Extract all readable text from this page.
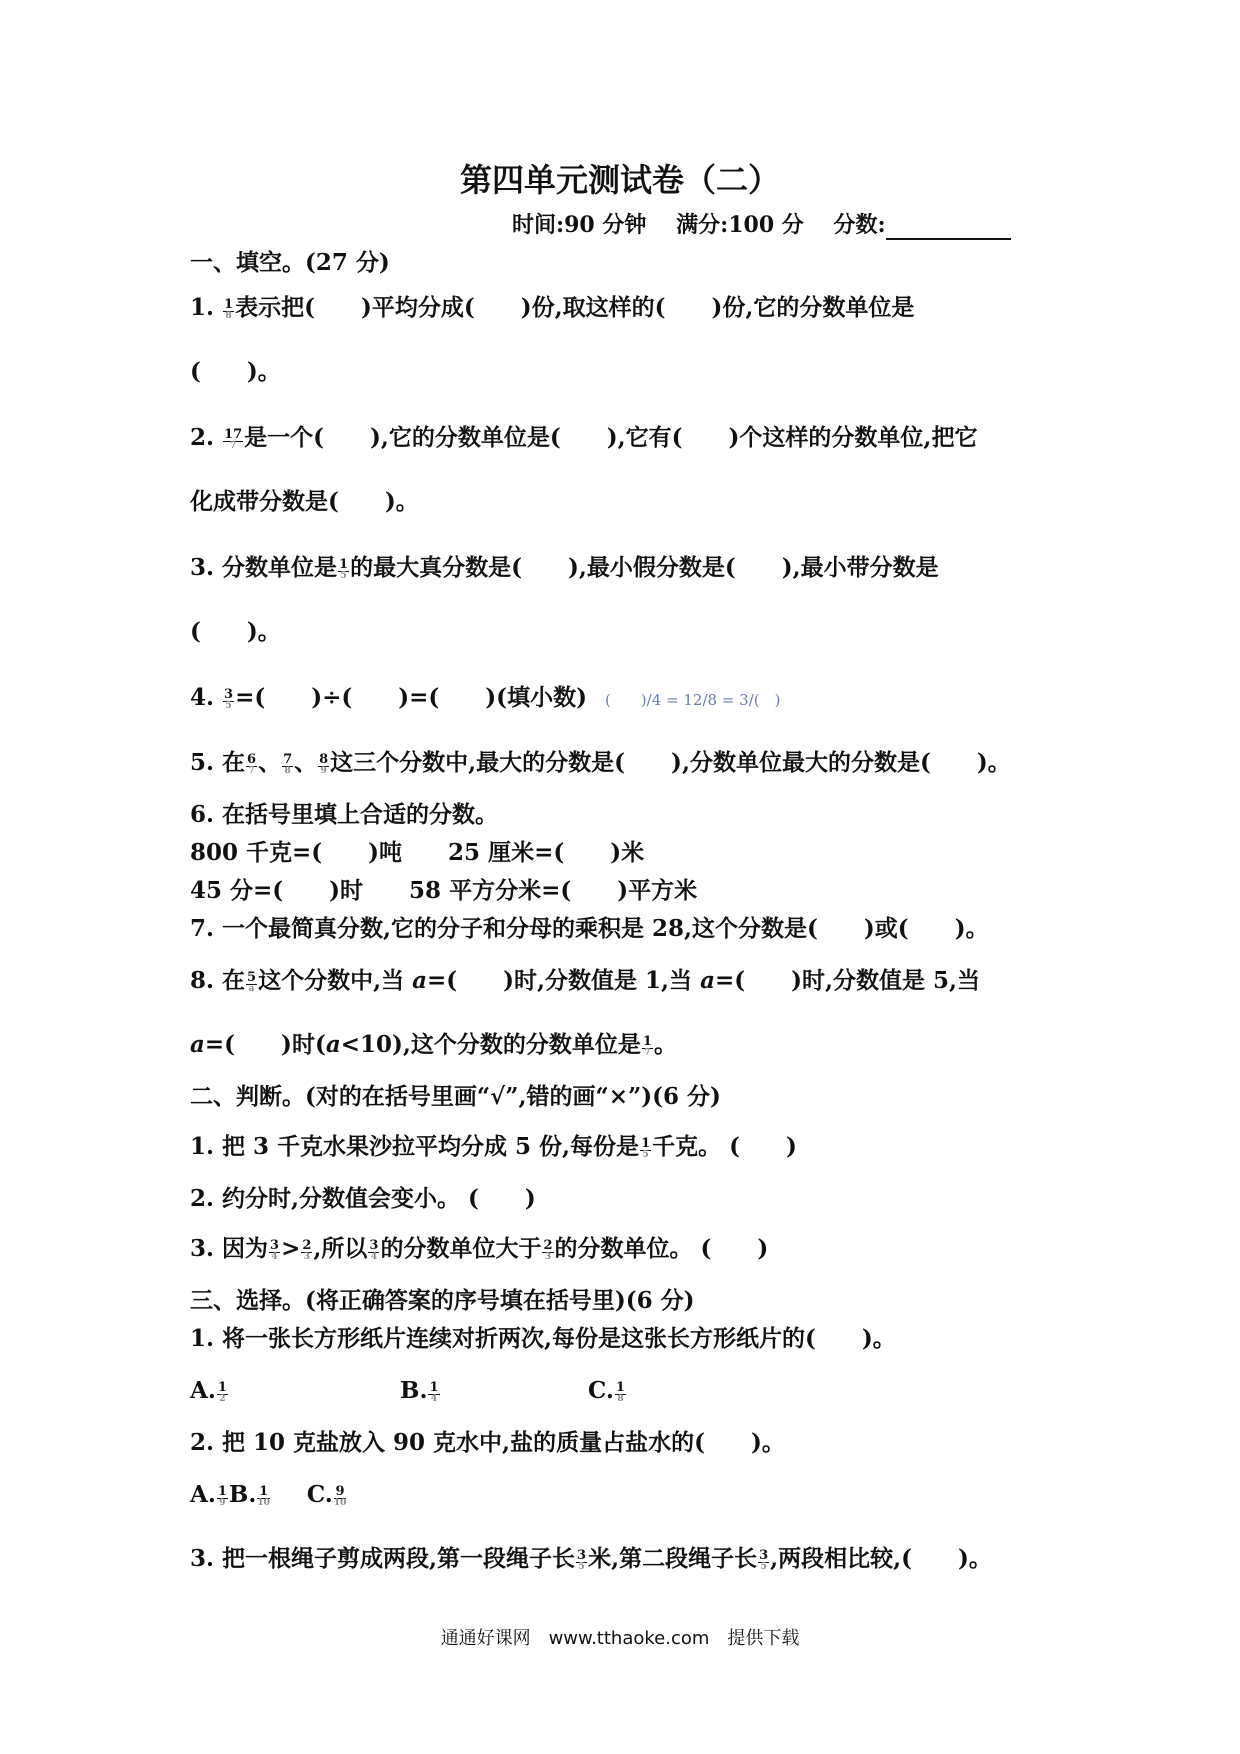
第四单元测试卷（二）
时间:90 分钟 满分:100 分 分数:
一、填空。(27 分)
1. $\frac{1}{8}$ 表示把(　　)平均分成(　　)份,取这样的(　　)份,它的分数单位是
(　　)。
2. $\frac{17}{7}$ 是一个(　　),它的分数单位是(　　),它有(　　)个这样的分数单位,把它
化成带分数是(　　)。
3. 分数单位是 $\frac{1}{5}$ 的最大真分数是(　　),最小假分数是(　　),最小带分数是
(　　)。
4. $\frac{3}{5}$ =(　　)÷(　　)=(　　)(填小数) (　　)/4 = 12/8 = 3/(　)
5. 在 $\frac{6}{7}$ 、 $\frac{7}{8}$ 、 $\frac{8}{9}$ 这三个分数中,最大的分数是(　　),分数单位最大的分数是(　　)。
6. 在括号里填上合适的分数。
800 千克=(　　)吨　　25 厘米=(　　)米
45 分=(　　)时　　58 平方分米=(　　)平方米
7. 一个最简真分数,它的分子和分母的乘积是 28,这个分数是(　　)或(　　)。
8. 在 $\frac{5}{a}$ 这个分数中,当 a=(　　)时,分数值是 1,当 a=(　　)时,分数值是 5,当
a=(　　)时(a<10),这个分数的分数单位是 $\frac{1}{7}$ 。
二、判断。(对的在括号里画“√”,错的画“×”)(6 分)
1. 把 3 千克水果沙拉平均分成 5 份,每份是 $\frac{1}{5}$ 千克。 (　　)
2. 约分时,分数值会变小。 (　　)
3. 因为 $\frac{3}{4} > \frac{2}{3}$ ,所以 $\frac{3}{4}$ 的分数单位大于 $\frac{2}{3}$ 的分数单位。 (　　)
三、选择。(将正确答案的序号填在括号里)(6 分)
1. 将一张长方形纸片连续对折两次,每份是这张长方形纸片的(　　)。
A. $\frac{1}{2}$	B. $\frac{1}{4}$	C. $\frac{1}{8}$
2. 把 10 克盐放入 90 克水中,盐的质量占盐水的(　　)。
A. $\frac{1}{9} B$. $\frac{1}{10} C$. $\frac{9}{10}$
3. 把一根绳子剪成两段,第一段绳子长 $\frac{3}{5}$ 米,第二段绳子长 $\frac{3}{5}$ ,两段相比较,(　　)。
通通好课网　www.tthaoke.com　提供下载
